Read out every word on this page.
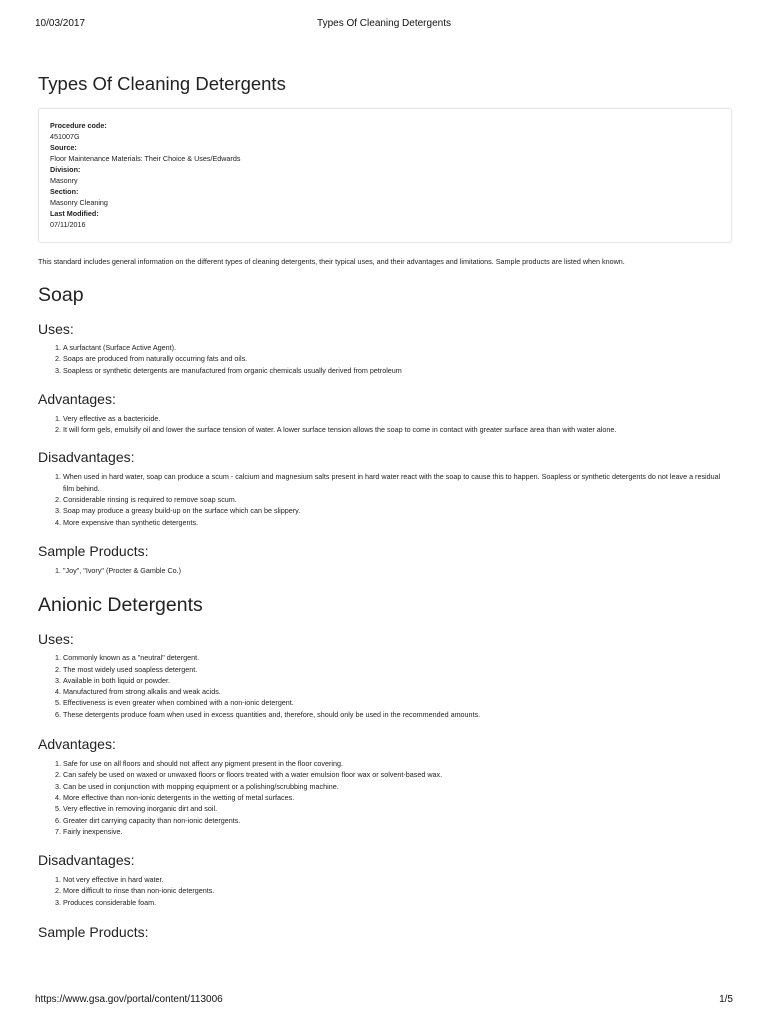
10/03/2017	Types Of Cleaning Detergents
Types Of Cleaning Detergents
Procedure code:
451007G
Source:
Floor Maintenance Materials: Their Choice & Uses/Edwards
Division:
Masonry
Section:
Masonry Cleaning
Last Modified:
07/11/2016

This standard includes general information on the different types of cleaning detergents, their typical uses, and their advantages and limitations. Sample products are listed when known.

Soap
Uses:
1. A surfactant (Surface Active Agent).
2. Soaps are produced from naturally occurring fats and oils.
3. Soapless or synthetic detergents are manufactured from organic chemicals usually derived from petroleum
Advantages:
1. Very effective as a bactericide.
2. It will form gels, emulsify oil and lower the surface tension of water. A lower surface tension allows the soap to come in contact with greater surface area than with water alone.
Disadvantages:
1. When used in hard water, soap can produce a scum - calcium and magnesium salts present in hard water react with the soap to cause this to happen. Soapless or synthetic detergents do not leave a residual film behind.
2. Considerable rinsing is required to remove soap scum.
3. Soap may produce a greasy build-up on the surface which can be slippery.
4. More expensive than synthetic detergents.
Sample Products:
1. "Joy", "Ivory" (Procter & Gamble Co.)
Anionic Detergents
Uses:
1. Commonly known as a "neutral" detergent.
2. The most widely used soapless detergent.
3. Available in both liquid or powder.
4. Manufactured from strong alkalis and weak acids.
5. Effectiveness is even greater when combined with a non-ionic detergent.
6. These detergents produce foam when used in excess quantities and, therefore, should only be used in the recommended amounts.
Advantages:
1. Safe for use on all floors and should not affect any pigment present in the floor covering.
2. Can safely be used on waxed or unwaxed floors or floors treated with a water emulsion floor wax or solvent-based wax.
3. Can be used in conjunction with mopping equipment or a polishing/scrubbing machine.
4. More effective than non-ionic detergents in the wetting of metal surfaces.
5. Very effective in removing inorganic dirt and soil.
6. Greater dirt carrying capacity than non-ionic detergents.
7. Fairly inexpensive.
Disadvantages:
1. Not very effective in hard water.
2. More difficult to rinse than non-ionic detergents.
3. Produces considerable foam.
Sample Products:
https://www.gsa.gov/portal/content/113006	1/5
